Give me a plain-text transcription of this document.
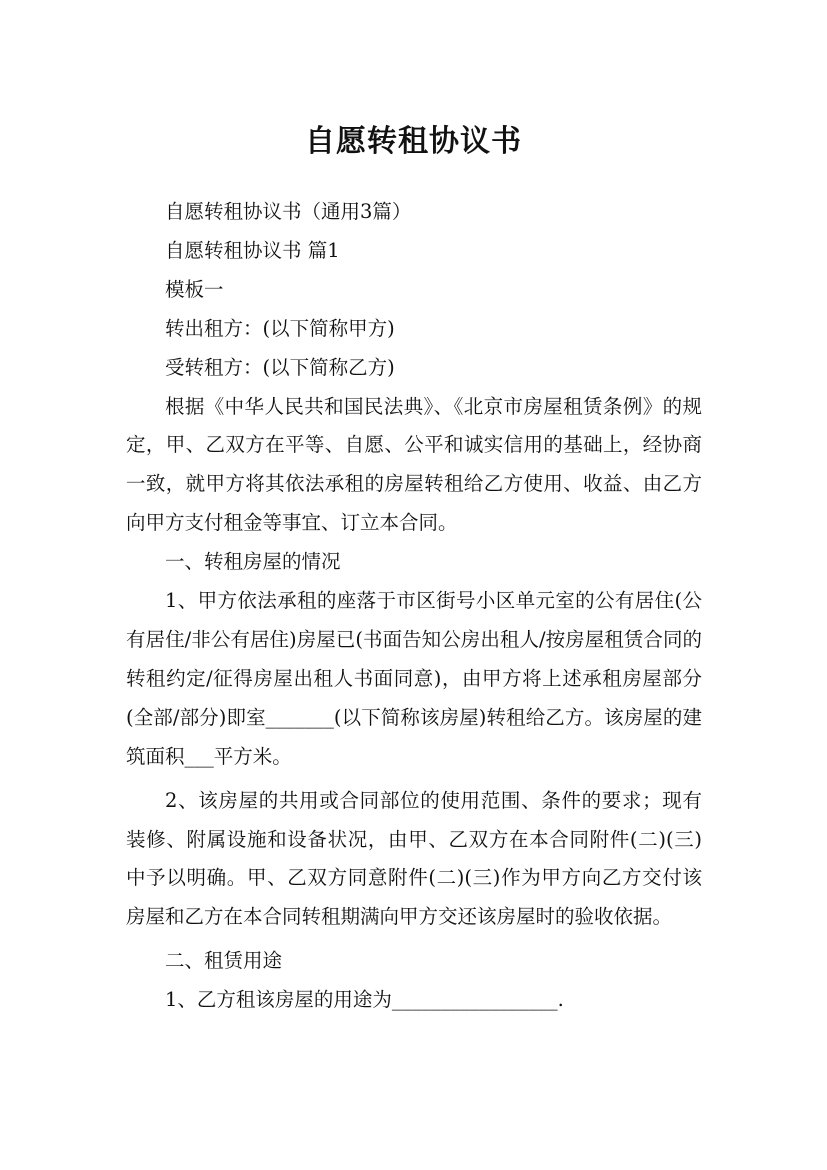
自愿转租协议书

自愿转租协议书（通用3篇）

自愿转租协议书 篇1

模板一

转出租方：(以下简称甲方)

受转租方：(以下简称乙方)

根据《中华人民共和国民法典》、《北京市房屋租赁条例》的规定，甲、乙双方在平等、自愿、公平和诚实信用的基础上，经协商一致，就甲方将其依法承租的房屋转租给乙方使用、收益、由乙方向甲方支付租金等事宜、订立本合同。

一、转租房屋的情况

1、甲方依法承租的座落于市区街号小区单元室的公有居住(公有居住/非公有居住)房屋已(书面告知公房出租人/按房屋租赁合同的转租约定/征得房屋出租人书面同意)，由甲方将上述承租房屋部分(全部/部分)即室_______(以下简称该房屋)转租给乙方。该房屋的建筑面积___平方米。

2、该房屋的共用或合同部位的使用范围、条件的要求；现有装修、附属设施和设备状况，由甲、乙双方在本合同附件(二)(三)中予以明确。甲、乙双方同意附件(二)(三)作为甲方向乙方交付该房屋和乙方在本合同转租期满向甲方交还该房屋时的验收依据。

二、租赁用途

1、乙方租该房屋的用途为_________________.
